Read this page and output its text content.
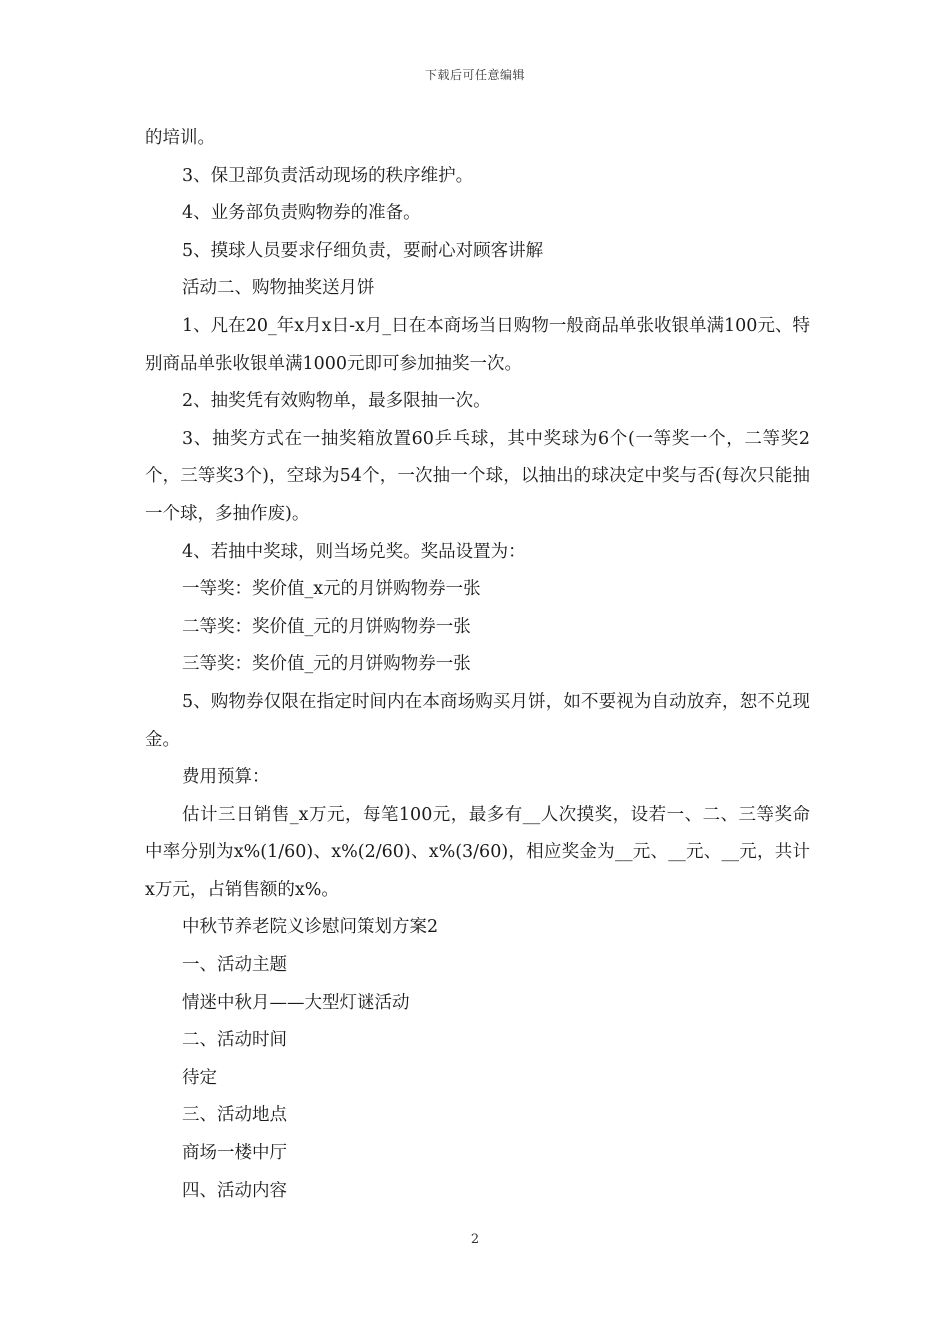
下载后可任意编辑

的培训。

3、保卫部负责活动现场的秩序维护。

4、业务部负责购物券的准备。

5、摸球人员要求仔细负责，要耐心对顾客讲解

活动二、购物抽奖送月饼

1、凡在20_年x月x日-x月_日在本商场当日购物一般商品单张收银单满100元、特别商品单张收银单满1000元即可参加抽奖一次。

2、抽奖凭有效购物单，最多限抽一次。

3、抽奖方式在一抽奖箱放置60乒乓球，其中奖球为6个(一等奖一个，二等奖2个，三等奖3个)，空球为54个，一次抽一个球，以抽出的球决定中奖与否(每次只能抽一个球，多抽作废)。

4、若抽中奖球，则当场兑奖。奖品设置为：

一等奖：奖价值_x元的月饼购物券一张

二等奖：奖价值_元的月饼购物券一张

三等奖：奖价值_元的月饼购物券一张

5、购物券仅限在指定时间内在本商场购买月饼，如不要视为自动放弃，恕不兑现金。

费用预算：

估计三日销售_x万元，每笔100元，最多有__人次摸奖，设若一、二、三等奖命中率分别为x%(1/60)、x%(2/60)、x%(3/60)，相应奖金为__元、__元、__元，共计x万元，占销售额的x%。

中秋节养老院义诊慰问策划方案2

一、活动主题

情迷中秋月——大型灯谜活动

二、活动时间

待定

三、活动地点

商场一楼中厅

四、活动内容

2
